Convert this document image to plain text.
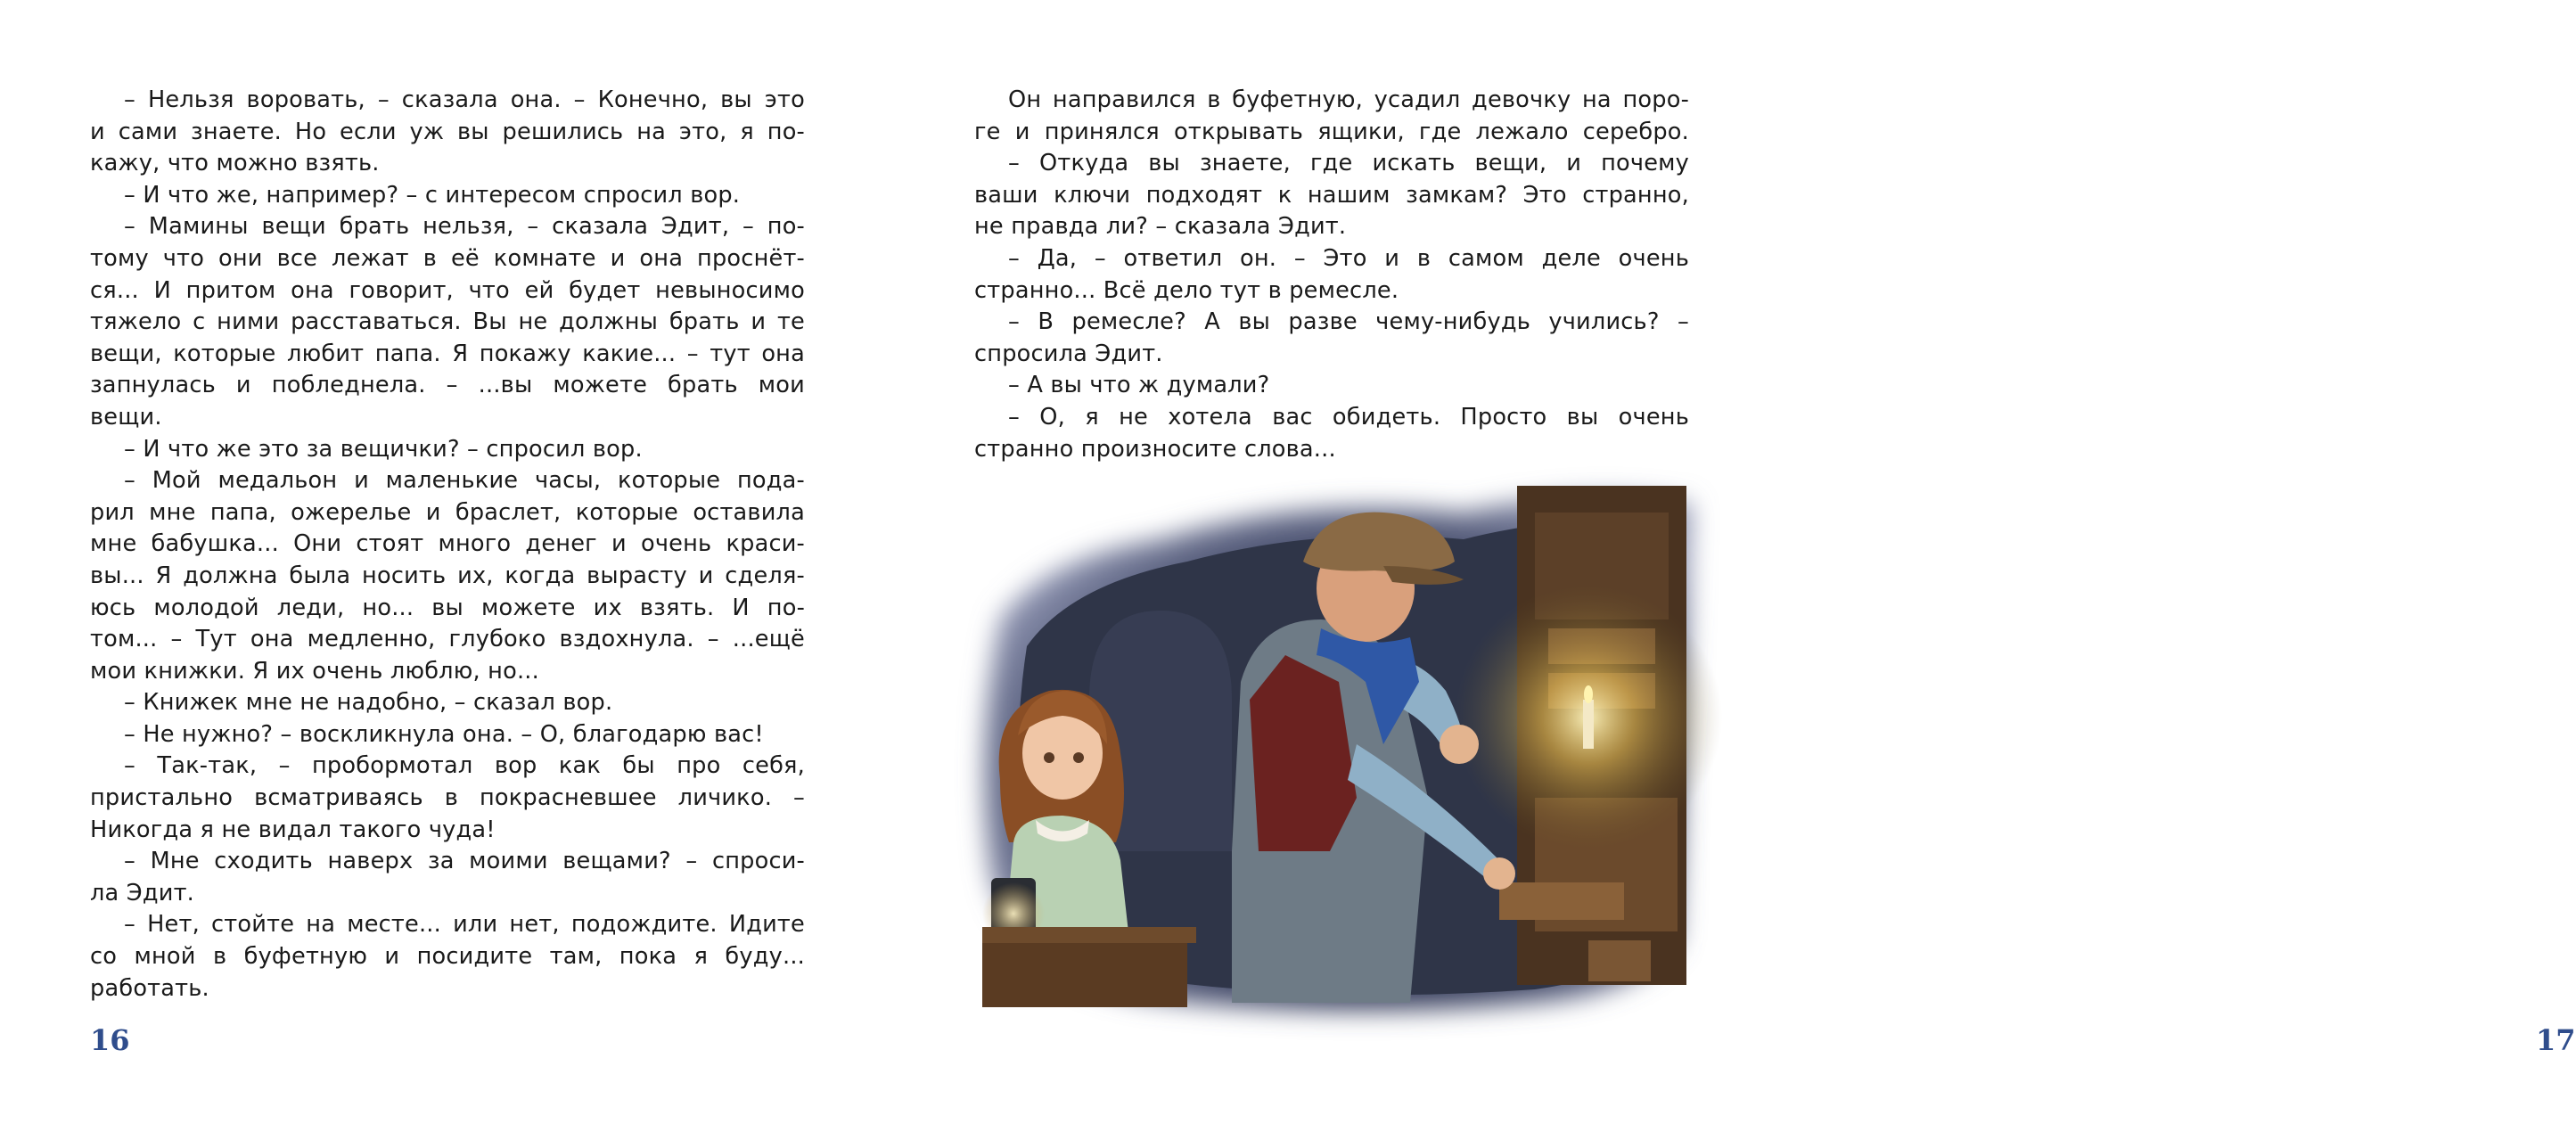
– Нельзя воровать, – сказала она. – Конечно, вы это
и сами знаете. Но если уж вы решились на это, я по-
кажу, что можно взять.
– И что же, например? – с интересом спросил вор.
– Мамины вещи брать нельзя, – сказала Эдит, – по-
тому что они все лежат в её комнате и она проснёт-
ся... И притом она говорит, что ей будет невыносимо
тяжело с ними расставаться. Вы не должны брать и те
вещи, которые любит папа. Я покажу какие... – тут она
запнулась и побледнела. – ...вы можете брать мои
вещи.
– И что же это за вещички? – спросил вор.
– Мой медальон и маленькие часы, которые пода-
рил мне папа, ожерелье и браслет, которые оставила
мне бабушка... Они стоят много денег и очень краси-
вы... Я должна была носить их, когда вырасту и сделя-
юсь молодой леди, но... вы можете их взять. И по-
том... – Тут она медленно, глубоко вздохнула. – ...ещё
мои книжки. Я их очень люблю, но...
– Книжек мне не надобно, – сказал вор.
– Не нужно? – воскликнула она. – О, благодарю вас!
– Так-так, – пробормотал вор как бы про себя,
пристально всматриваясь в покрасневшее личико. –
Никогда я не видал такого чуда!
– Мне сходить наверх за моими вещами? – спроси-
ла Эдит.
– Нет, стойте на месте... или нет, подождите. Идите
со мной в буфетную и посидите там, пока я буду...
работать.
16	17
Он направился в буфетную, усадил девочку на поро-
ге и принялся открывать ящики, где лежало серебро.
– Откуда вы знаете, где искать вещи, и почему
ваши ключи подходят к нашим замкам? Это странно,
не правда ли? – сказала Эдит.
– Да, – ответил он. – Это и в самом деле очень
странно... Всё дело тут в ремесле.
– В ремесле? А вы разве чему-нибудь учились? –
спросила Эдит.
– А вы что ж думали?
– О, я не хотела вас обидеть. Просто вы очень
странно произносите слова...
